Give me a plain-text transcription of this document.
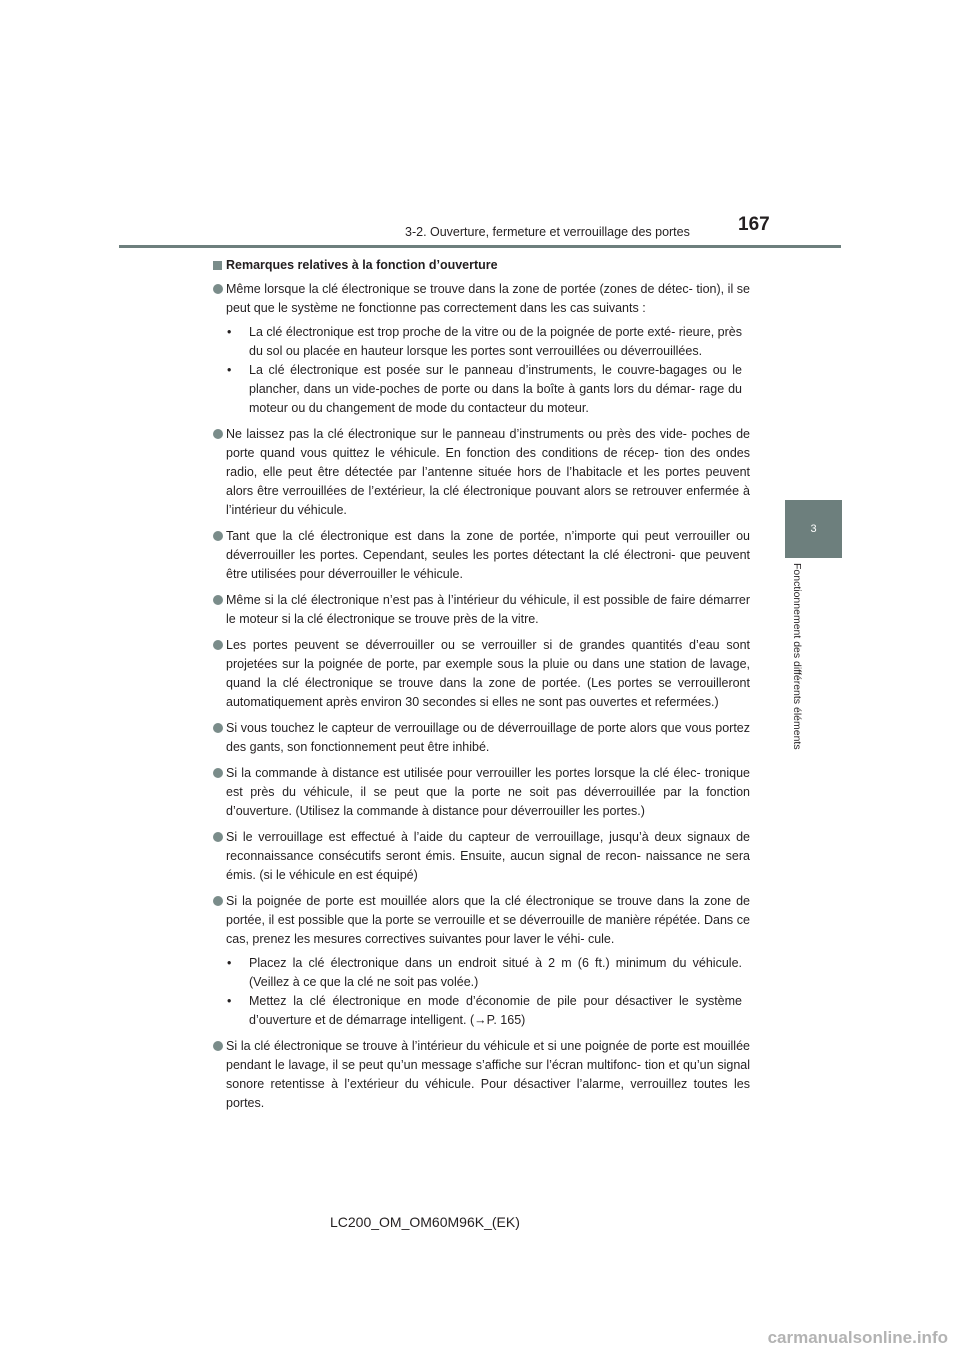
3-2. Ouverture, fermeture et verrouillage des portes	167
3
Fonctionnement des différents éléments
Remarques relatives à la fonction d’ouverture
Même lorsque la clé électronique se trouve dans la zone de portée (zones de détec- tion), il se peut que le système ne fonctionne pas correctement dans les cas suivants :
• La clé électronique est trop proche de la vitre ou de la poignée de porte exté- rieure, près du sol ou placée en hauteur lorsque les portes sont verrouillées ou déverrouillées.
• La clé électronique est posée sur le panneau d’instruments, le couvre-bagages ou le plancher, dans un vide-poches de porte ou dans la boîte à gants lors du démar- rage du moteur ou du changement de mode du contacteur du moteur.
Ne laissez pas la clé électronique sur le panneau d’instruments ou près des vide- poches de porte quand vous quittez le véhicule. En fonction des conditions de récep- tion des ondes radio, elle peut être détectée par l’antenne située hors de l’habitacle et les portes peuvent alors être verrouillées de l’extérieur, la clé électronique pouvant alors se retrouver enfermée à l’intérieur du véhicule.
Tant que la clé électronique est dans la zone de portée, n’importe qui peut verrouiller ou déverrouiller les portes. Cependant, seules les portes détectant la clé électroni- que peuvent être utilisées pour déverrouiller le véhicule.
Même si la clé électronique n’est pas à l’intérieur du véhicule, il est possible de faire démarrer le moteur si la clé électronique se trouve près de la vitre.
Les portes peuvent se déverrouiller ou se verrouiller si de grandes quantités d’eau sont projetées sur la poignée de porte, par exemple sous la pluie ou dans une station de lavage, quand la clé électronique se trouve dans la zone de portée. (Les portes se verrouilleront automatiquement après environ 30 secondes si elles ne sont pas ouvertes et refermées.)
Si vous touchez le capteur de verrouillage ou de déverrouillage de porte alors que vous portez des gants, son fonctionnement peut être inhibé.
Si la commande à distance est utilisée pour verrouiller les portes lorsque la clé élec- tronique est près du véhicule, il se peut que la porte ne soit pas déverrouillée par la fonction d’ouverture. (Utilisez la commande à distance pour déverrouiller les portes.)
Si le verrouillage est effectué à l’aide du capteur de verrouillage, jusqu’à deux signaux de reconnaissance consécutifs seront émis. Ensuite, aucun signal de recon- naissance ne sera émis. (si le véhicule en est équipé)
Si la poignée de porte est mouillée alors que la clé électronique se trouve dans la zone de portée, il est possible que la porte se verrouille et se déverrouille de manière répétée. Dans ce cas, prenez les mesures correctives suivantes pour laver le véhi- cule.
• Placez la clé électronique dans un endroit situé à 2 m (6 ft.) minimum du véhicule. (Veillez à ce que la clé ne soit pas volée.)
• Mettez la clé électronique en mode d’économie de pile pour désactiver le système d’ouverture et de démarrage intelligent. (→P. 165)
Si la clé électronique se trouve à l’intérieur du véhicule et si une poignée de porte est mouillée pendant le lavage, il se peut qu’un message s’affiche sur l’écran multifonc- tion et qu’un signal sonore retentisse à l’extérieur du véhicule. Pour désactiver l’alarme, verrouillez toutes les portes.
LC200_OM_OM60M96K_(EK)
carmanualsonline.info
